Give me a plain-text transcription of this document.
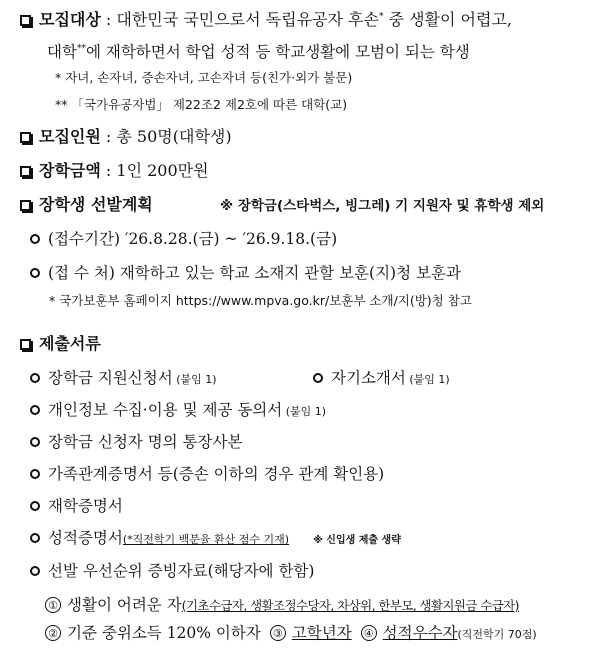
모집대상 : 대한민국 국민으로서 독립유공자 후손* 중 생활이 어렵고,
대학**에 재학하면서 학업 성적 등 학교생활에 모범이 되는 학생
* 자녀, 손자녀, 증손자녀, 고손자녀 등(친가·외가 불문)
** 「국가유공자법」 제22조2 제2호에 따른 대학(교)
모집인원 : 총 50명(대학생)
장학금액 : 1인 200만원
장학생 선발계획	※ 장학금(스타벅스, 빙그레) 기 지원자 및 휴학생 제외
(접수기간) ′26.8.28.(금) ~ ′26.9.18.(금)
(접 수 처) 재학하고 있는 학교 소재지 관할 보훈(지)청 보훈과
* 국가보훈부 홈페이지 https://www.mpva.go.kr/보훈부 소개/지(방)청 참고
제출서류
장학금 지원신청서 (붙임 1)	자기소개서 (붙임 1)
개인정보 수집·이용 및 제공 동의서 (붙임 1)
장학금 신청자 명의 통장사본
가족관계증명서 등(증손 이하의 경우 관계 확인용)
재학증명서
성적증명서(*직전학기 백분율 환산 점수 기재) ※ 신입생 제출 생략
선발 우선순위 증빙자료(해당자에 한함)
① 생활이 어려운 자(기초수급자, 생활조정수당자, 차상위, 한부모, 생활지원금 수급자)
② 기준 중위소득 120% 이하자 ③ 고학년자 ④ 성적우수자(직전학기 70점)
